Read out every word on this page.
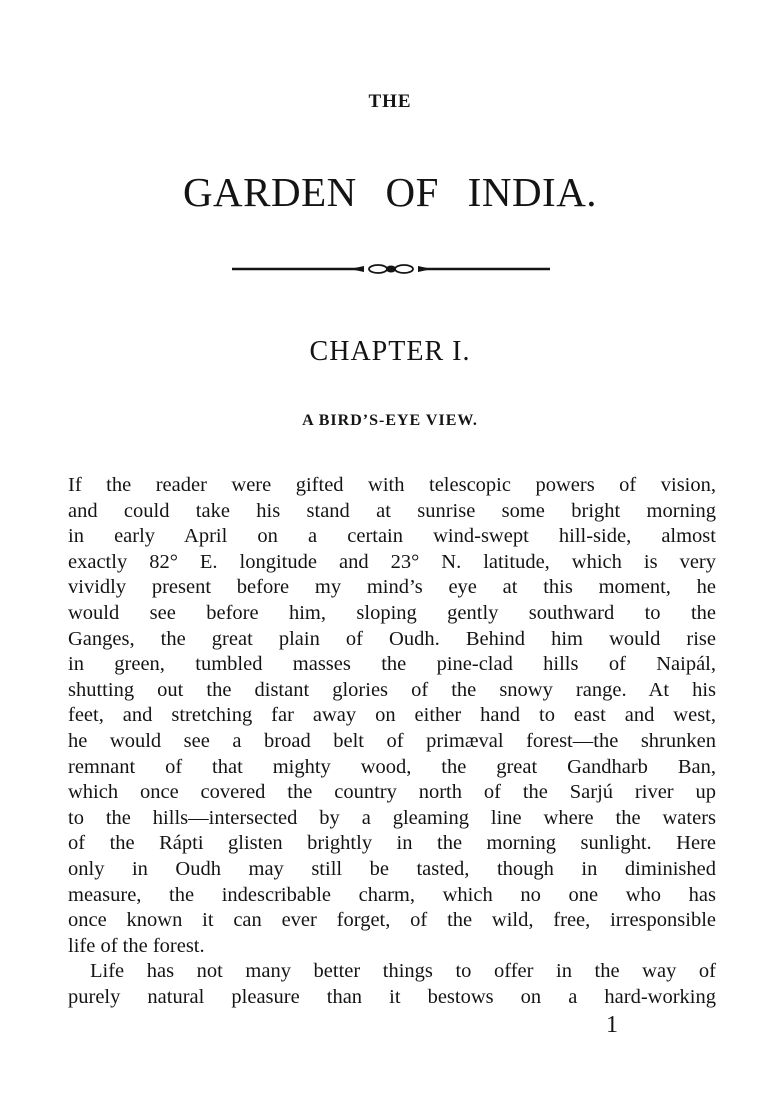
THE
GARDEN OF INDIA.
CHAPTER I.
A BIRD’S-EYE VIEW.
If the reader were gifted with telescopic powers of vision,
and could take his stand at sunrise some bright morning
in early April on a certain wind-swept hill-side, almost
exactly 82° E. longitude and 23° N. latitude, which is very
vividly present before my mind’s eye at this moment, he
would see before him, sloping gently southward to the
Ganges, the great plain of Oudh. Behind him would rise
in green, tumbled masses the pine-clad hills of Naipál,
shutting out the distant glories of the snowy range. At his
feet, and stretching far away on either hand to east and west,
he would see a broad belt of primæval forest—the shrunken
remnant of that mighty wood, the great Gandharb Ban,
which once covered the country north of the Sarjú river up
to the hills—intersected by a gleaming line where the waters
of the Rápti glisten brightly in the morning sunlight. Here
only in Oudh may still be tasted, though in diminished
measure, the indescribable charm, which no one who has
once known it can ever forget, of the wild, free, irresponsible
life of the forest.
Life has not many better things to offer in the way of
purely natural pleasure than it bestows on a hard-working
1
